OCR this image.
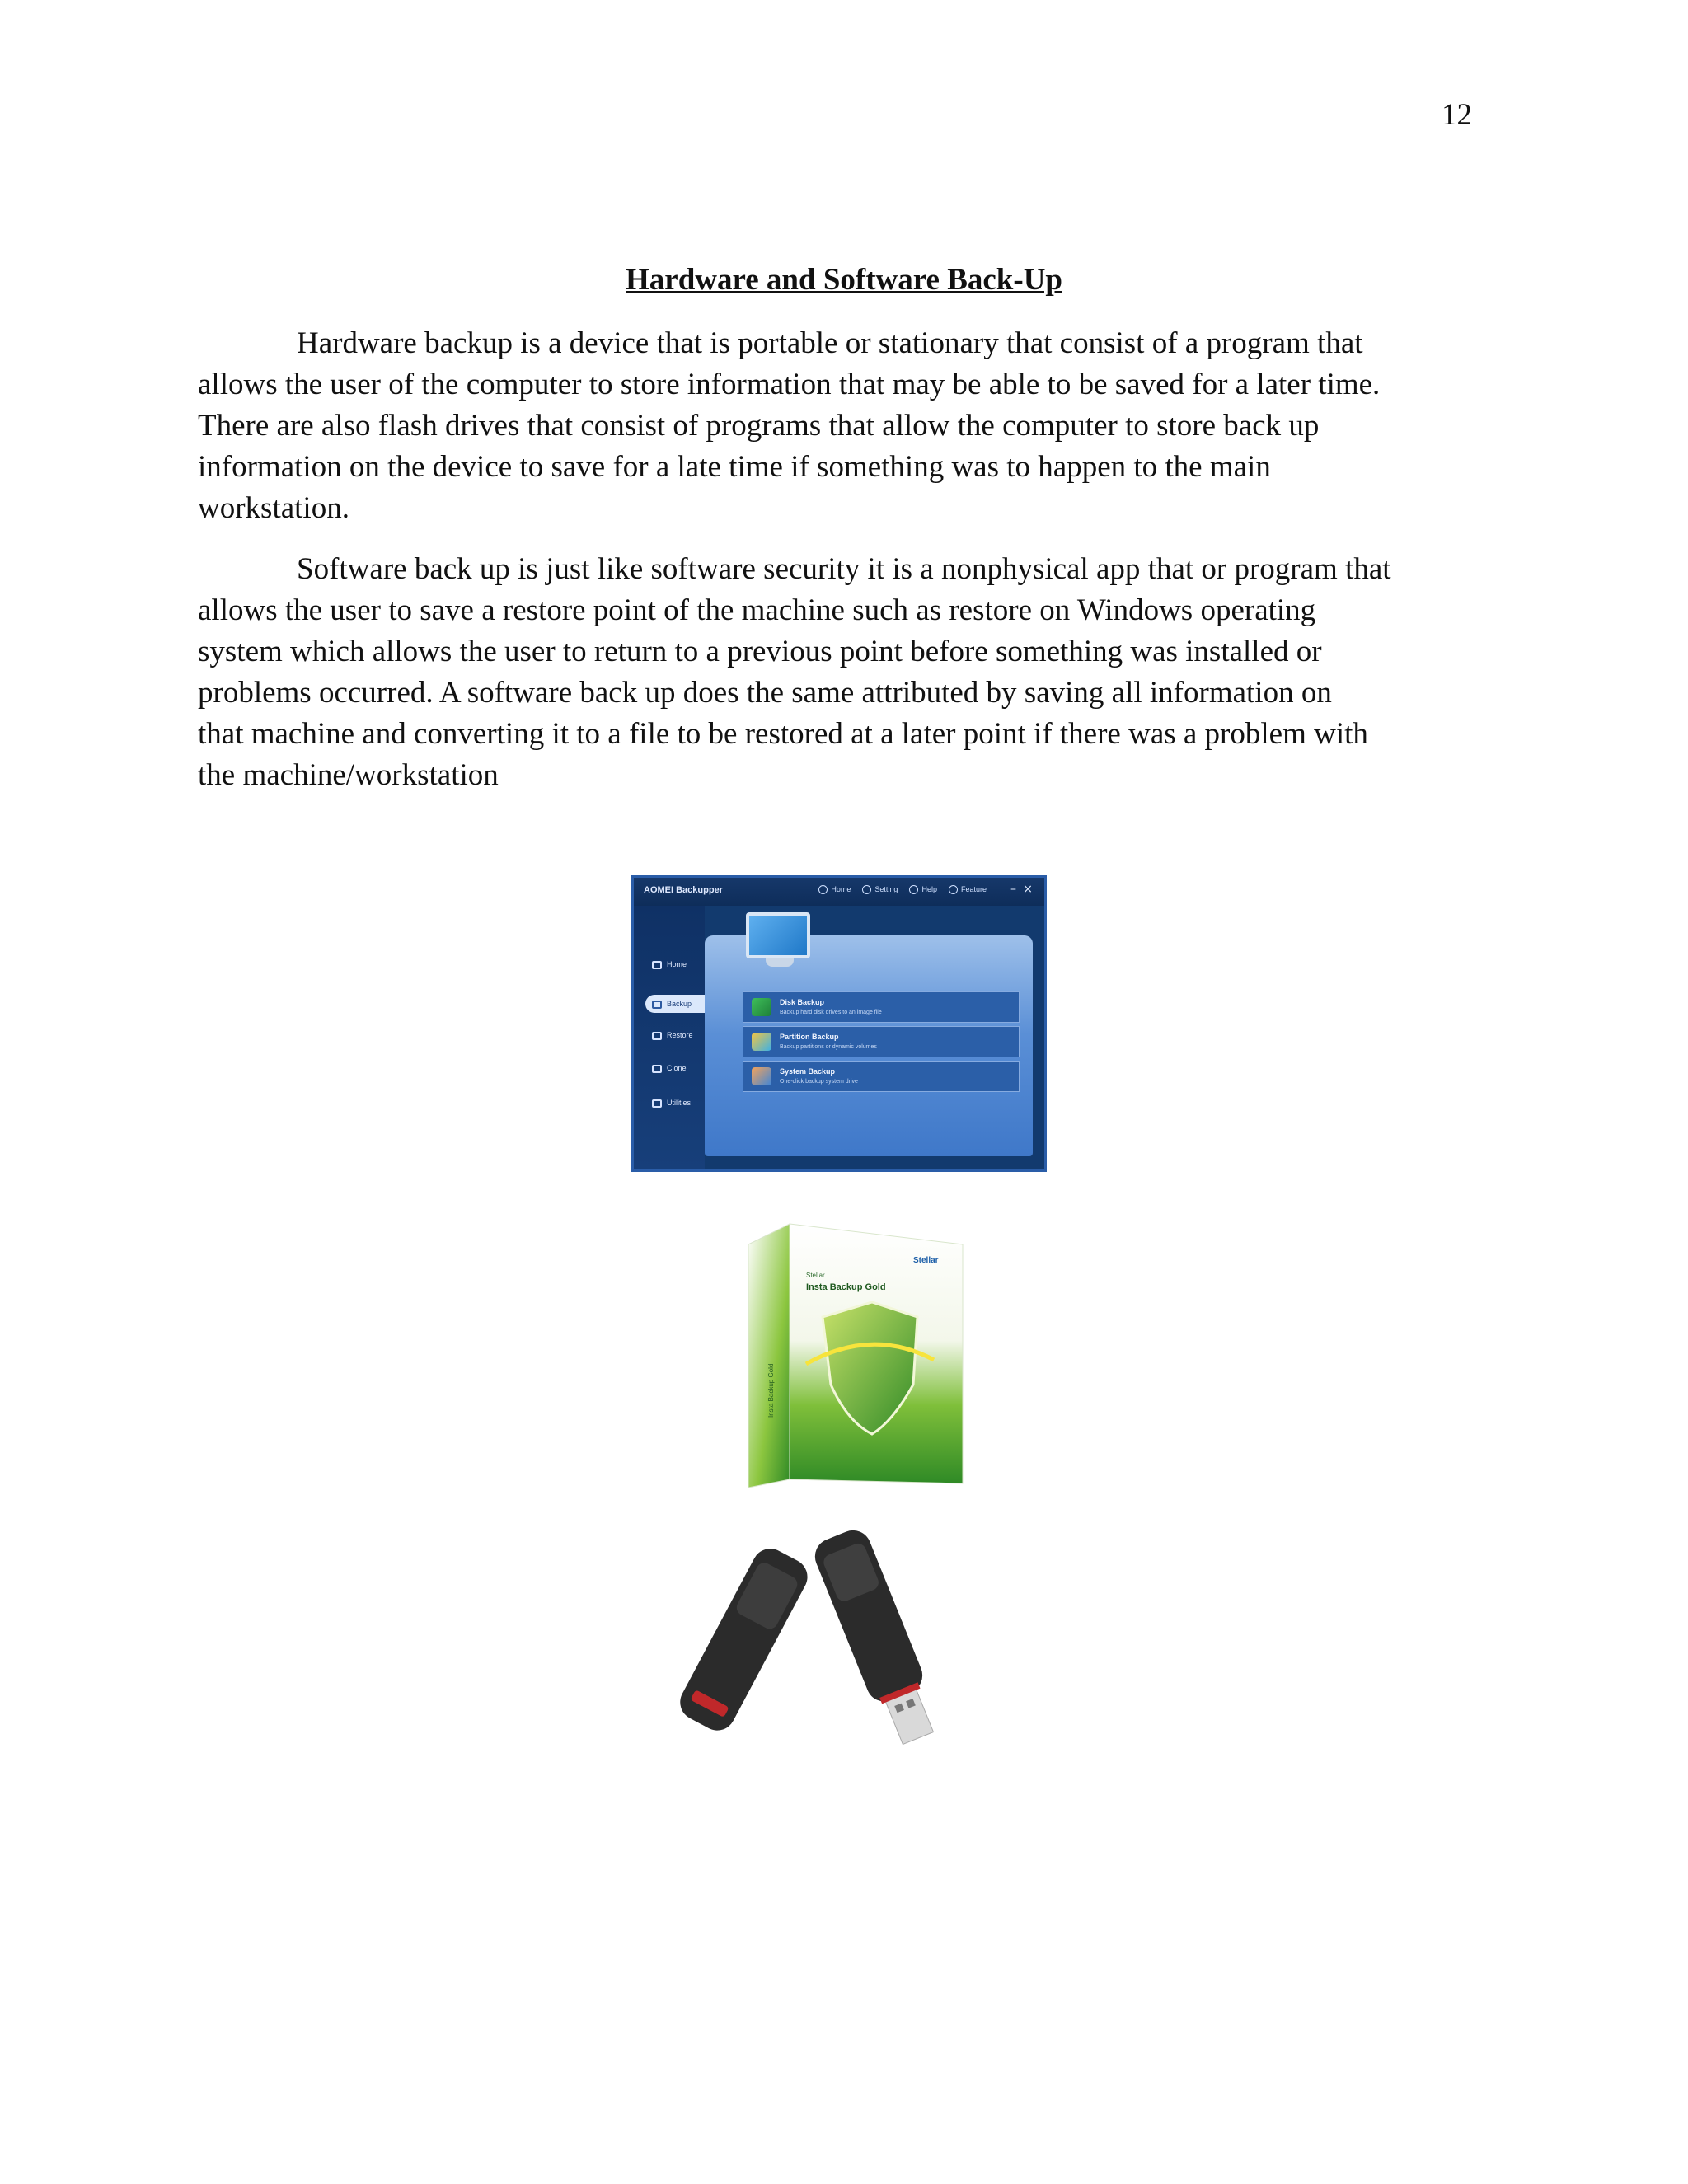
12
Hardware and Software Back-Up

Hardware backup is a device that is portable or stationary that consist of a program that
allows the user of the computer to store information that may be able to be saved for a later time.
There are also flash drives that consist of programs that allow the computer to store back up
information on the device to save for a late time if something was to happen to the main
workstation.

Software back up is just like software security it is a nonphysical app that or program that
allows the user to save a restore point of the machine such as restore on Windows operating
system which allows the user to return to a previous point before something was installed or
problems occurred. A software back up does the same attributed by saving all information on
that machine and converting it to a file to be restored at a later point if there was a problem with
the machine/workstation

AOMEI Backupper	Home	Setting	Help	Feature – ×
Home
Backup
Restore
Clone
Utilities
Disk Backup
Backup hard disk drives to an image file
Partition Backup
Backup partitions or dynamic volumes
System Backup
One-click backup system drive
Stellar
Stellar
Insta Backup Gold
Insta Backup Gold
